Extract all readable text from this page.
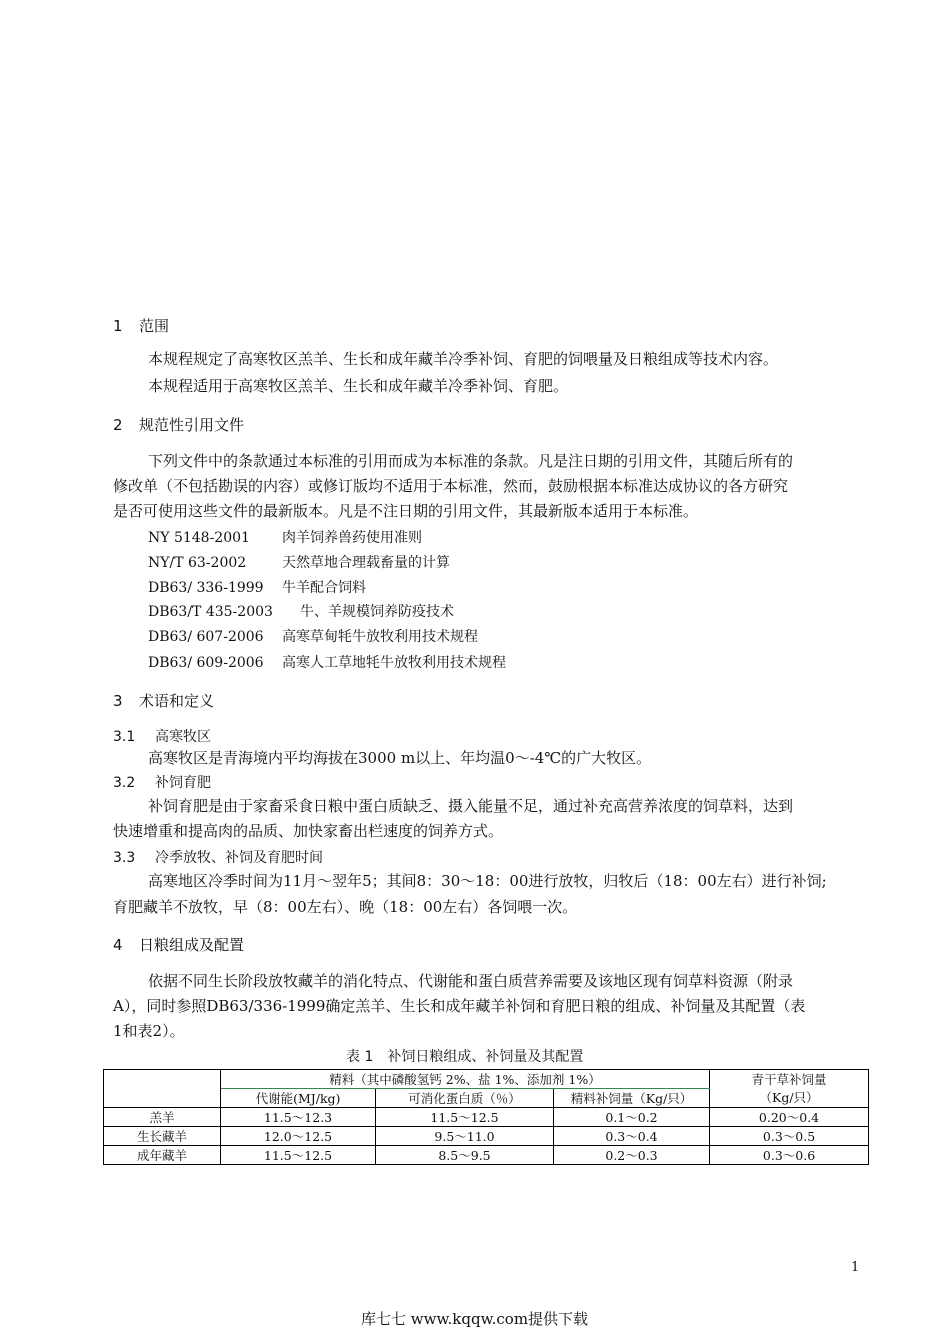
1 范围
本规程规定了高寒牧区羔羊、生长和成年藏羊冷季补饲、育肥的饲喂量及日粮组成等技术内容。
本规程适用于高寒牧区羔羊、生长和成年藏羊冷季补饲、育肥。
2 规范性引用文件
下列文件中的条款通过本标准的引用而成为本标准的条款。凡是注日期的引用文件，其随后所有的
修改单（不包括勘误的内容）或修订版均不适用于本标准，然而，鼓励根据本标准达成协议的各方研究
是否可使用这些文件的最新版本。凡是不注日期的引用文件，其最新版本适用于本标准。
NY 5148-2001 肉羊饲养兽药使用准则
NY/T 63-2002	天然草地合理载畜量的计算
DB63/ 336-1999 牛羊配合饲料
DB63/T 435-2003 牛、羊规模饲养防疫技术
DB63/ 607-2006 高寒草甸牦牛放牧利用技术规程
DB63/ 609-2006 高寒人工草地牦牛放牧利用技术规程
3 术语和定义
3.1 高寒牧区
高寒牧区是青海境内平均海拔在3000 m以上、年均温0～-4℃的广大牧区。
3.2 补饲育肥
补饲育肥是由于家畜采食日粮中蛋白质缺乏、摄入能量不足，通过补充高营养浓度的饲草料，达到
快速增重和提高肉的品质、加快家畜出栏速度的饲养方式。
3.3 冷季放牧、补饲及育肥时间
高寒地区冷季时间为11月～翌年5；其间8：30～18：00进行放牧，归牧后（18：00左右）进行补饲;
育肥藏羊不放牧，早（8：00左右）、晚（18：00左右）各饲喂一次。
4 日粮组成及配置
依据不同生长阶段放牧藏羊的消化特点、代谢能和蛋白质营养需要及该地区现有饲草料资源（附录
A），同时参照DB63/336-1999确定羔羊、生长和成年藏羊补饲和育肥日粮的组成、补饲量及其配置（表
1和表2）。
表 1　补饲日粮组成、补饲量及其配置
	精料（其中磷酸氢钙 2%、盐 1%、添加剂 1%）			青干草补饲量
	代谢能(MJ/kg)	可消化蛋白质（％）	精料补饲量（Kg/只）	（Kg/只）
羔羊	11.5～12.3	11.5～12.5	0.1～0.2	0.20～0.4
生长藏羊	12.0～12.5	9.5～11.0	0.3～0.4	0.3～0.5
成年藏羊	11.5～12.5	8.5～9.5	0.2～0.3	0.3～0.6
1
库七七 www.kqqw.com提供下载
